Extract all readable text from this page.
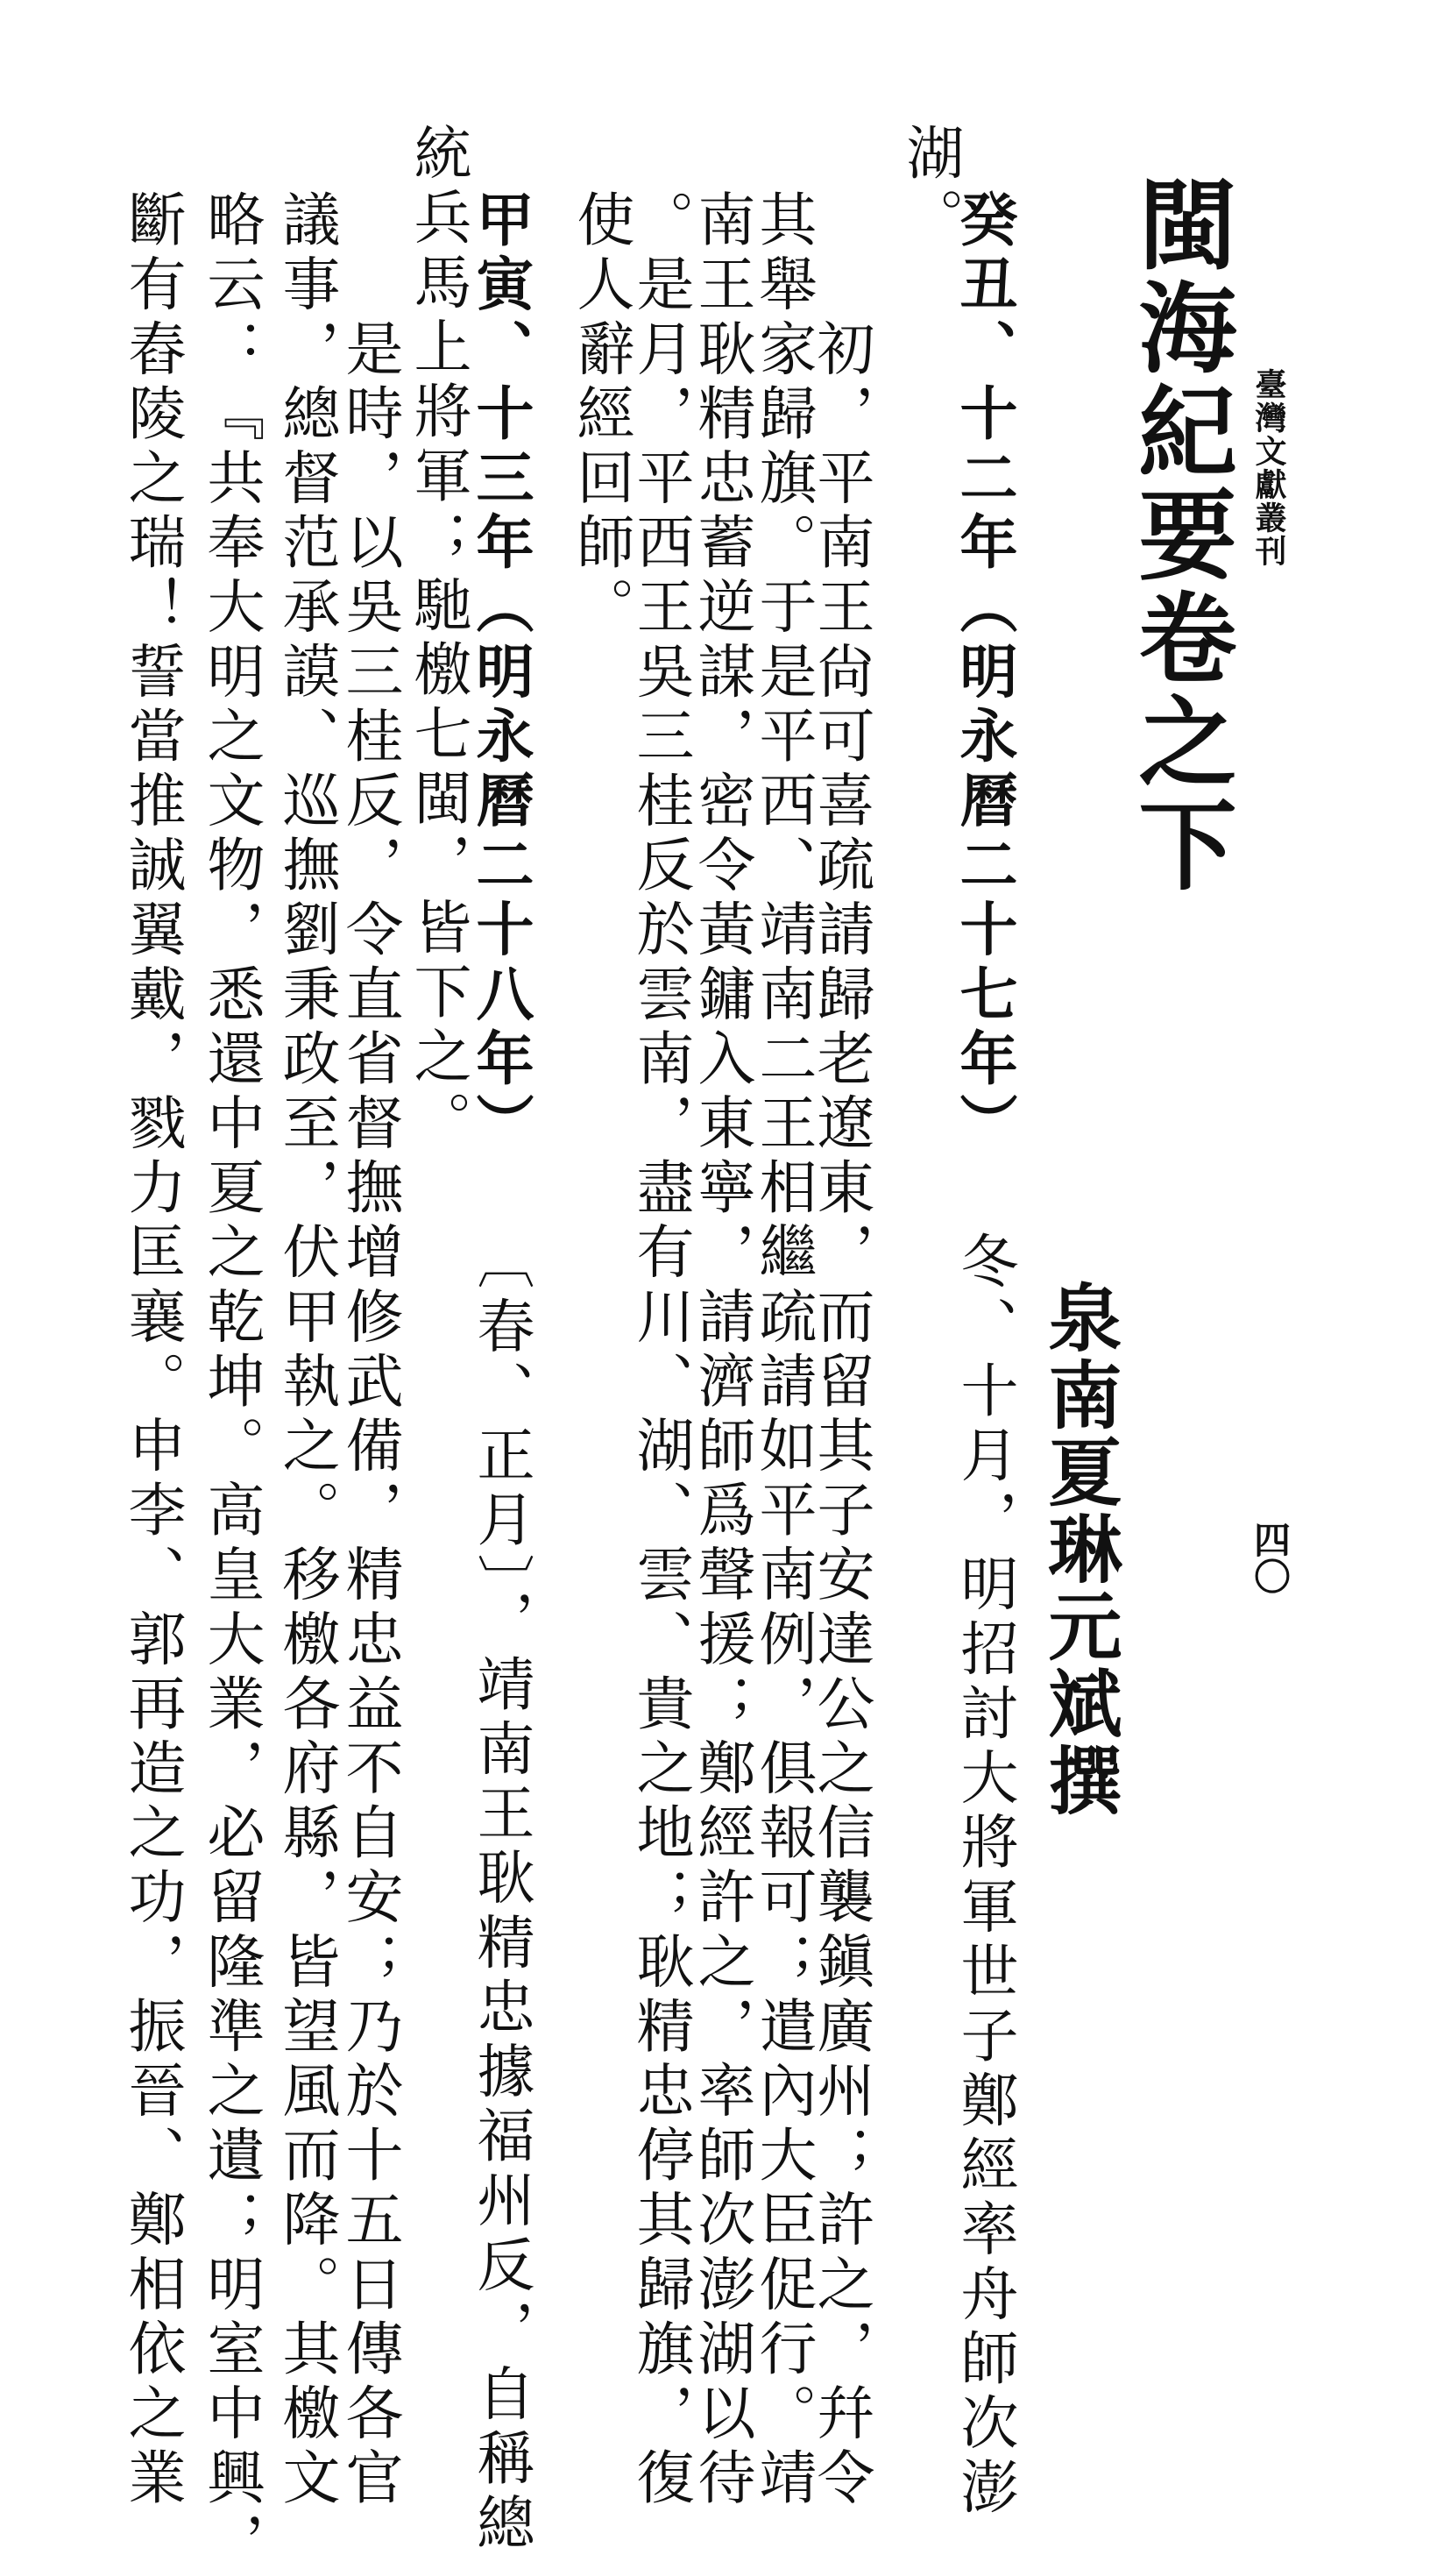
臺灣文獻叢刊
四〇
閩海紀要卷之下
泉南夏琳元斌撰
湖。
癸丑、十二年（明永曆二十七年） 冬、十月，明招討大將軍世子鄭經率舟師次澎
　　初，平南王尙可喜疏請歸老遼東，而留其子安達公之信襲鎭廣州；許之，幷令
其舉家歸旗。于是平西、靖南二王相繼疏請如平南例，俱報可；遣內大臣促行。靖
南王耿精忠蓄逆謀，密令黃鏞入東寧，請濟師爲聲援；鄭經許之，率師次澎湖以待
。是月，平西王吳三桂反於雲南，盡有川、湖、雲、貴之地；耿精忠停其歸旗，復
使人辭經回師。
甲寅、十三年（明永曆二十八年） 〔春、正月〕，靖南王耿精忠據福州反，自稱總
統兵馬上將軍；馳檄七閩，皆下之。
　　是時，以吳三桂反，令直省督撫增修武備，精忠益不自安；乃於十五日傳各官
議事，總督范承謨、巡撫劉秉政至，伏甲執之。移檄各府縣，皆望風而降。其檄文
略云：『共奉大明之文物，悉還中夏之乾坤。高皇大業，必留隆準之遺；明室中興，
斷有舂陵之瑞！誓當推誠翼戴，戮力匡襄。申李、郭再造之功，振晉、鄭相依之業
